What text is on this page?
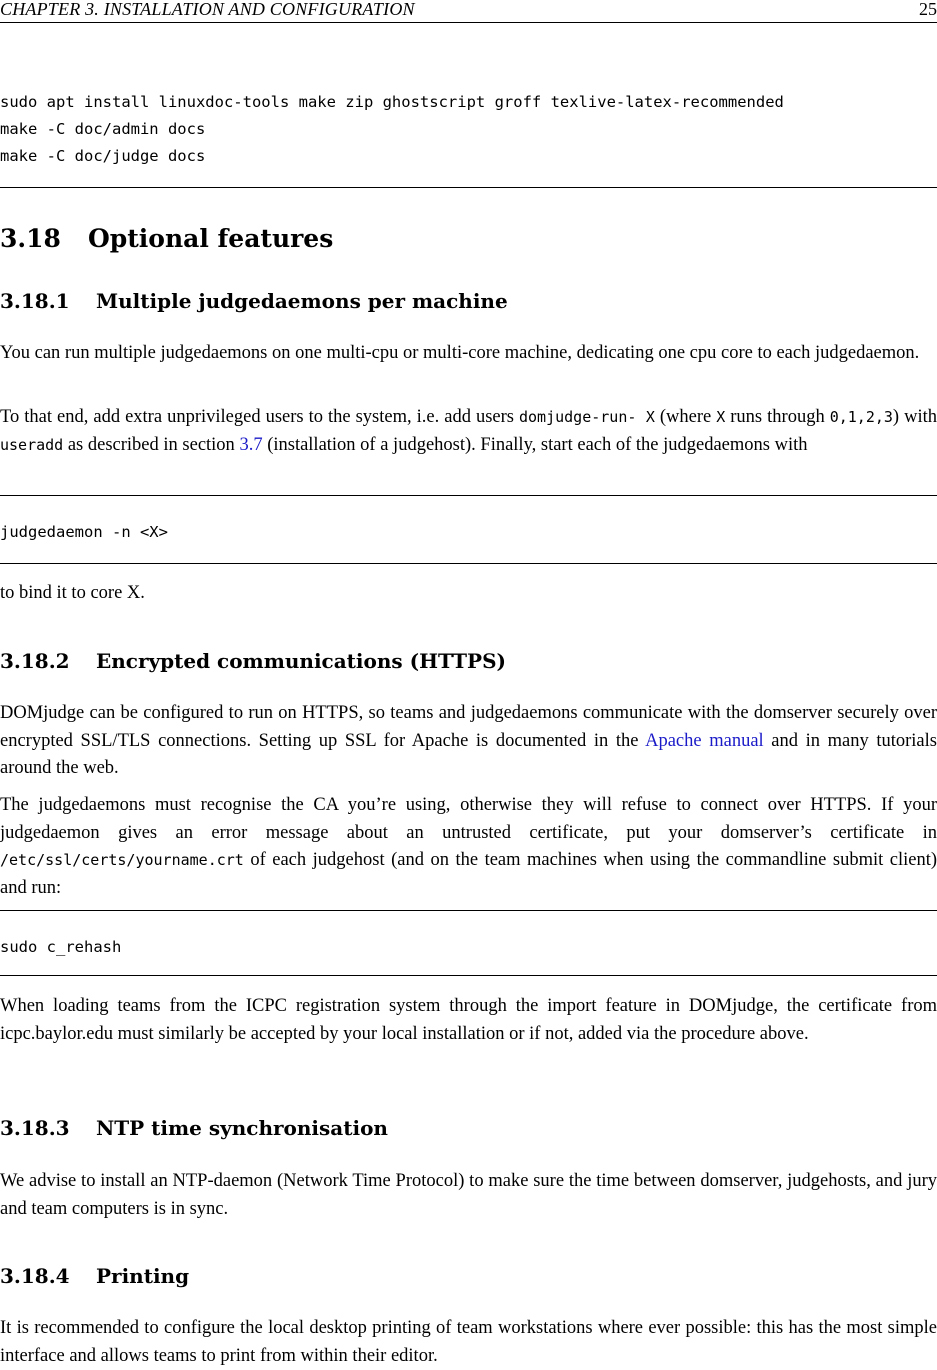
CHAPTER 3. INSTALLATION AND CONFIGURATION	25
sudo apt install linuxdoc-tools make zip ghostscript groff texlive-latex-recommended
make -C doc/admin docs
make -C doc/judge docs
3.18 Optional features
3.18.1 Multiple judgedaemons per machine

You can run multiple judgedaemons on one multi-cpu or multi-core machine, dedicating one cpu core to each judgedaemon.

To that end, add extra unprivileged users to the system, i.e. add users domjudge-run- X (where X runs through 0,1,2,3) with useradd as described in section 3.7 (installation of a judgehost). Finally, start each of the judgedaemons with

judgedaemon -n <X>

to bind it to core X.

3.18.2 Encrypted communications (HTTPS)

DOMjudge can be configured to run on HTTPS, so teams and judgedaemons communicate with the domserver securely over encrypted SSL/TLS connections. Setting up SSL for Apache is documented in the Apache manual and in many tutorials around the web.

The judgedaemons must recognise the CA you’re using, otherwise they will refuse to connect over HTTPS. If your judgedaemon gives an error message about an untrusted certificate, put your domserver’s certificate in /etc/ssl/certs/yourname.crt of each judgehost (and on the team machines when using the commandline submit client) and run:

sudo c_rehash

When loading teams from the ICPC registration system through the import feature in DOMjudge, the certificate from icpc.baylor.edu must similarly be accepted by your local installation or if not, added via the procedure above.

3.18.3 NTP time synchronisation

We advise to install an NTP-daemon (Network Time Protocol) to make sure the time between domserver, judgehosts, and jury and team computers is in sync.

3.18.4 Printing

It is recommended to configure the local desktop printing of team workstations where ever possible: this has the most simple interface and allows teams to print from within their editor.
